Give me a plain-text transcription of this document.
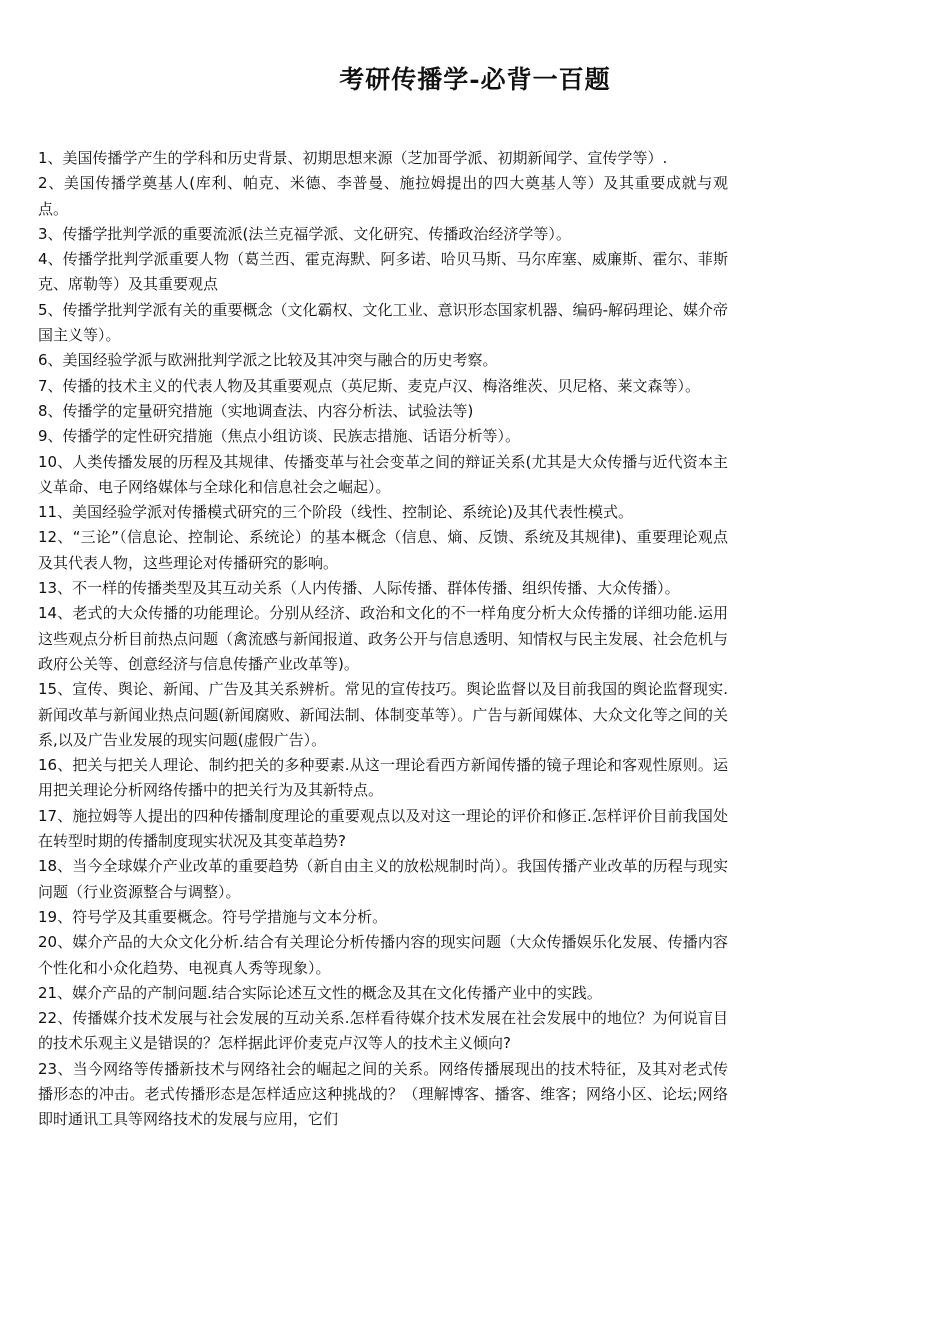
考研传播学-必背一百题
1、美国传播学产生的学科和历史背景、初期思想来源（芝加哥学派、初期新闻学、宣传学等）.
2、美国传播学奠基人(库利、帕克、米德、李普曼、施拉姆提出的四大奠基人等）及其重要成就与观点。
3、传播学批判学派的重要流派(法兰克福学派、文化研究、传播政治经济学等）。
4、传播学批判学派重要人物（葛兰西、霍克海默、阿多诺、哈贝马斯、马尔库塞、威廉斯、霍尔、菲斯克、席勒等）及其重要观点
5、传播学批判学派有关的重要概念（文化霸权、文化工业、意识形态国家机器、编码-解码理论、媒介帝国主义等）。
6、美国经验学派与欧洲批判学派之比较及其冲突与融合的历史考察。
7、传播的技术主义的代表人物及其重要观点（英尼斯、麦克卢汉、梅洛维茨、贝尼格、莱文森等）。
8、传播学的定量研究措施（实地调查法、内容分析法、试验法等)
9、传播学的定性研究措施（焦点小组访谈、民族志措施、话语分析等）。
10、人类传播发展的历程及其规律、传播变革与社会变革之间的辩证关系(尤其是大众传播与近代资本主义革命、电子网络媒体与全球化和信息社会之崛起）。
11、美国经验学派对传播模式研究的三个阶段（线性、控制论、系统论)及其代表性模式。
12、“三论”（信息论、控制论、系统论）的基本概念（信息、熵、反馈、系统及其规律)、重要理论观点及其代表人物，这些理论对传播研究的影响。
13、不一样的传播类型及其互动关系（人内传播、人际传播、群体传播、组织传播、大众传播）。
14、老式的大众传播的功能理论。分别从经济、政治和文化的不一样角度分析大众传播的详细功能.运用这些观点分析目前热点问题（禽流感与新闻报道、政务公开与信息透明、知情权与民主发展、社会危机与政府公关等、创意经济与信息传播产业改革等)。
15、宣传、舆论、新闻、广告及其关系辨析。常见的宣传技巧。舆论监督以及目前我国的舆论监督现实.新闻改革与新闻业热点问题(新闻腐败、新闻法制、体制变革等）。广告与新闻媒体、大众文化等之间的关系,以及广告业发展的现实问题(虚假广告）。
16、把关与把关人理论、制约把关的多种要素.从这一理论看西方新闻传播的镜子理论和客观性原则。运用把关理论分析网络传播中的把关行为及其新特点。
17、施拉姆等人提出的四种传播制度理论的重要观点以及对这一理论的评价和修正.怎样评价目前我国处在转型时期的传播制度现实状况及其变革趋势?
18、当今全球媒介产业改革的重要趋势（新自由主义的放松规制时尚）。我国传播产业改革的历程与现实问题（行业资源整合与调整）。
19、符号学及其重要概念。符号学措施与文本分析。
20、媒介产品的大众文化分析.结合有关理论分析传播内容的现实问题（大众传播娱乐化发展、传播内容个性化和小众化趋势、电视真人秀等现象）。
21、媒介产品的产制问题.结合实际论述互文性的概念及其在文化传播产业中的实践。
22、传播媒介技术发展与社会发展的互动关系.怎样看待媒介技术发展在社会发展中的地位？为何说盲目的技术乐观主义是错误的？怎样据此评价麦克卢汉等人的技术主义倾向?
23、当今网络等传播新技术与网络社会的崛起之间的关系。网络传播展现出的技术特征，及其对老式传播形态的冲击。老式传播形态是怎样适应这种挑战的？（理解博客、播客、维客；网络小区、论坛;网络即时通讯工具等网络技术的发展与应用，它们
